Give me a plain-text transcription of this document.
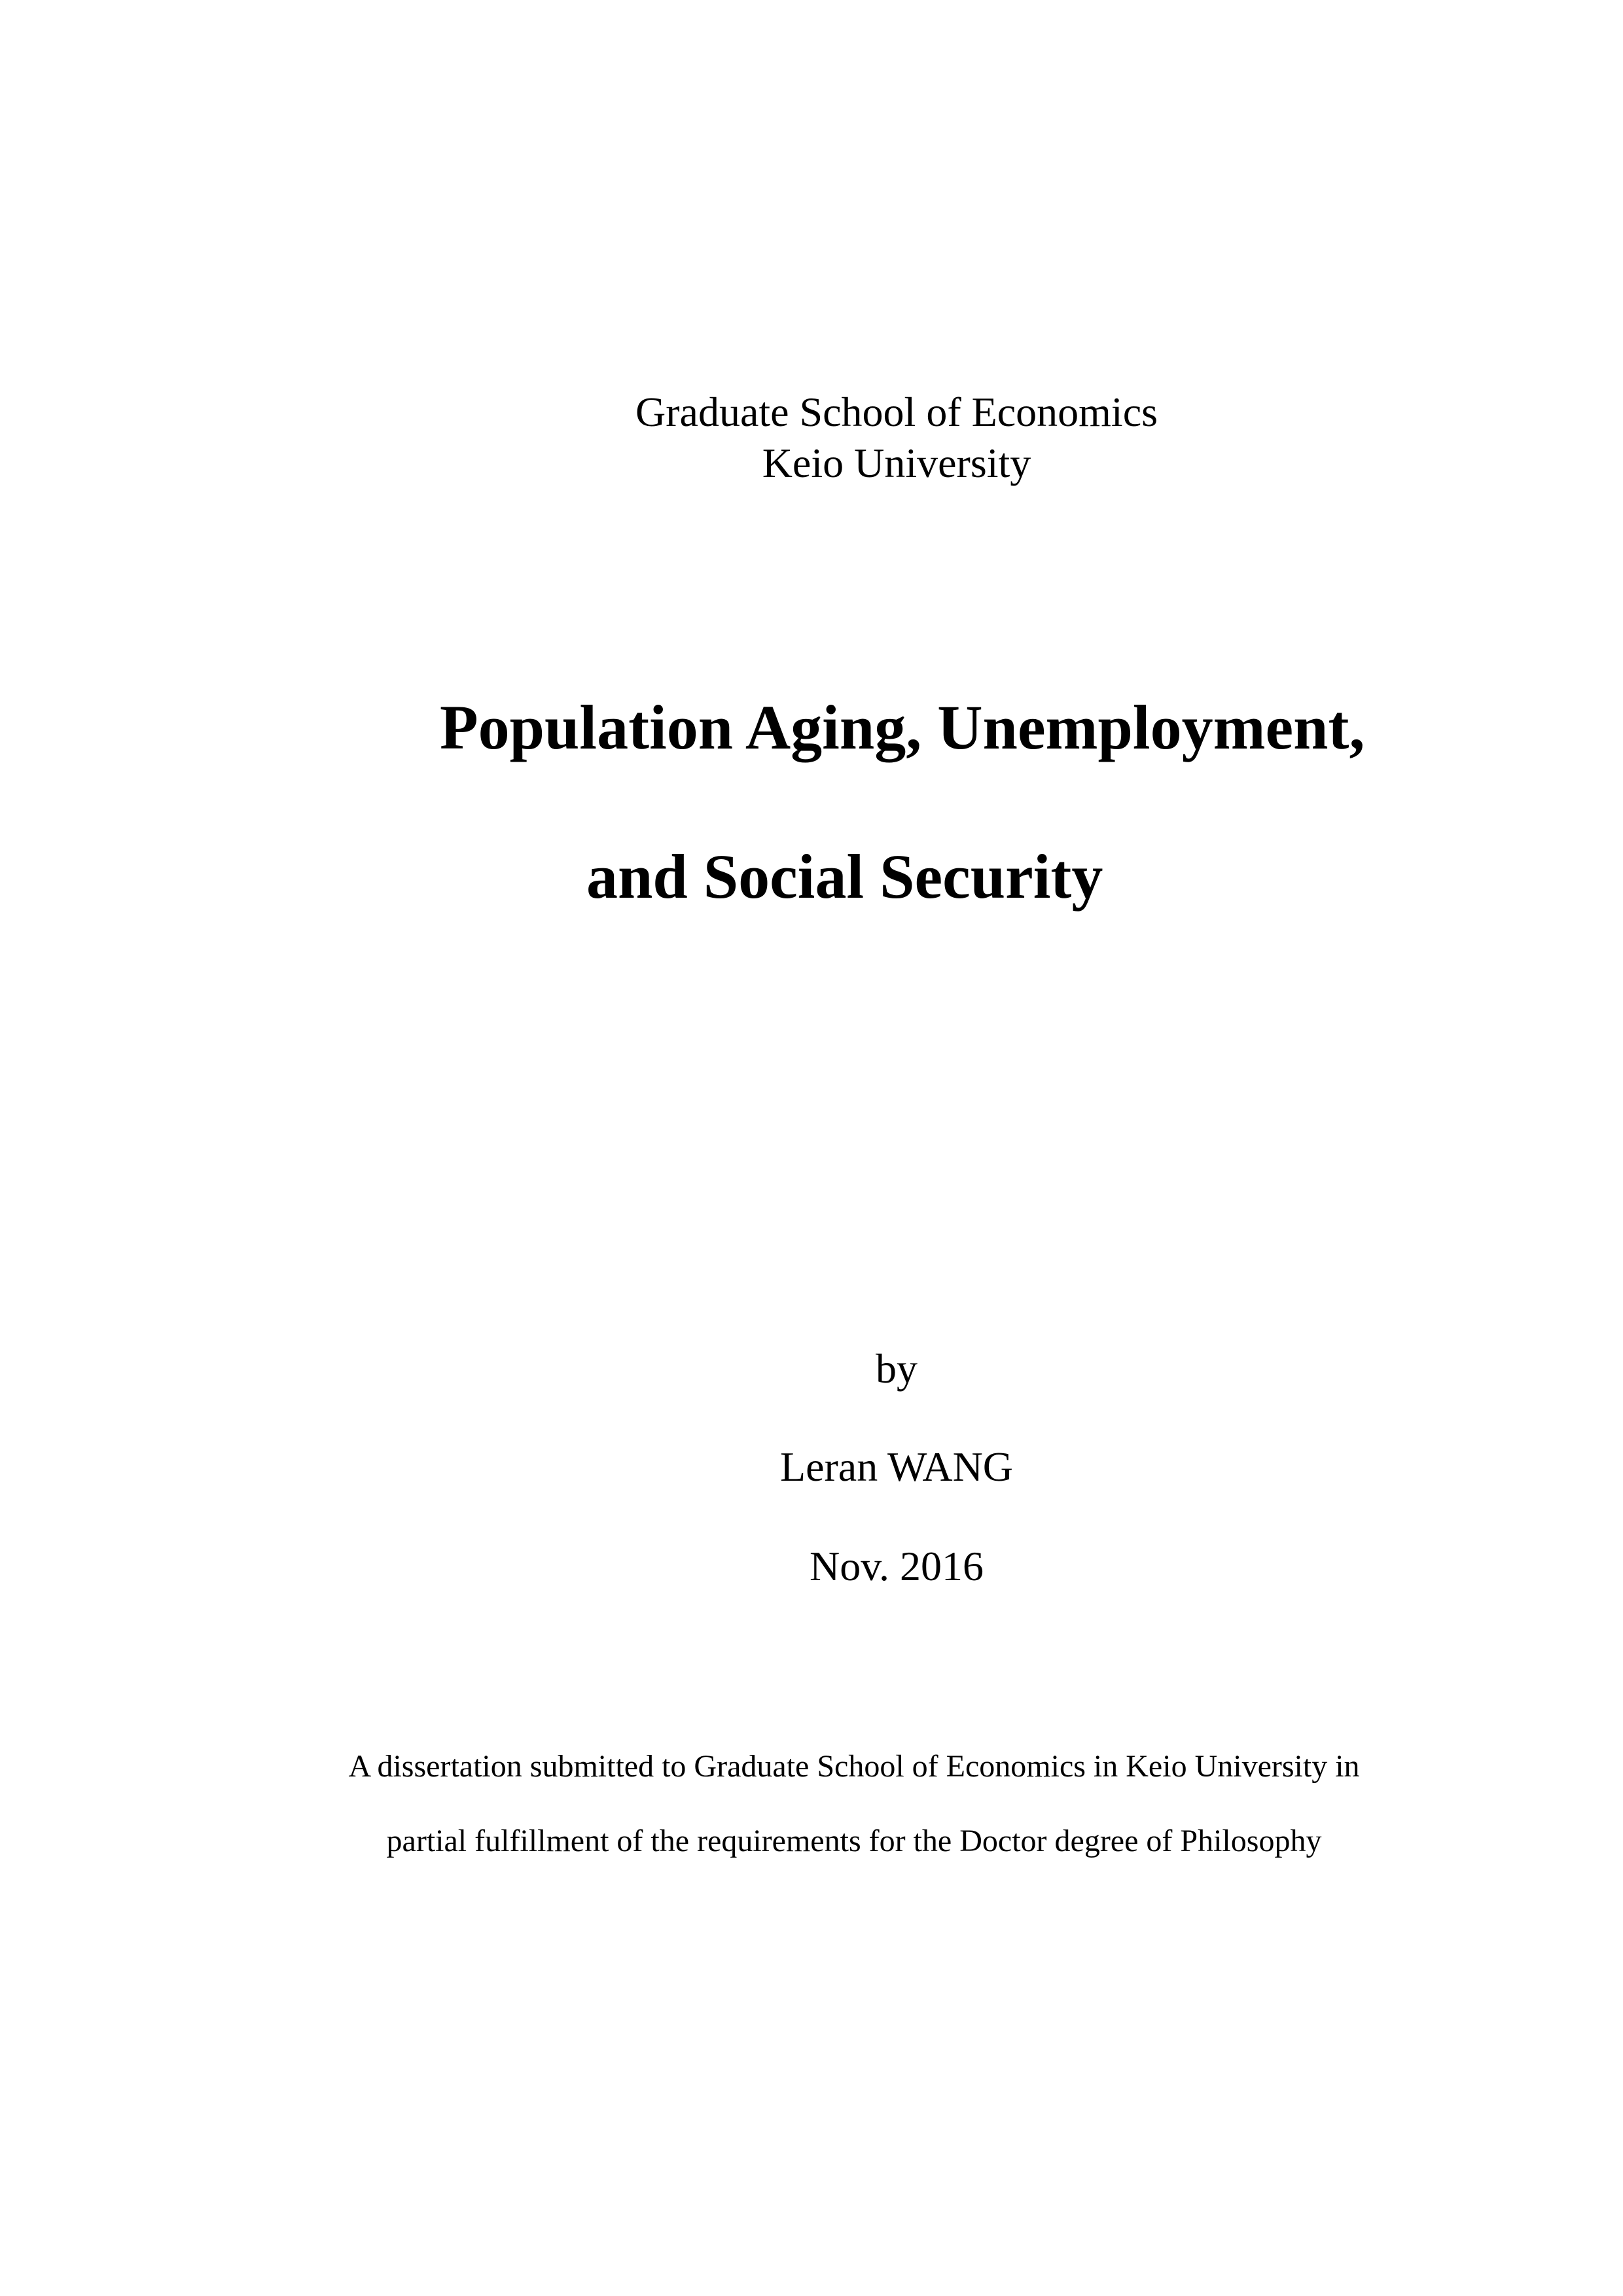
Graduate School of Economics
Keio University
Population Aging, Unemployment,
and Social Security
by
Leran WANG
Nov. 2016
A dissertation submitted to Graduate School of Economics in Keio University in
partial fulfillment of the requirements for the Doctor degree of Philosophy
